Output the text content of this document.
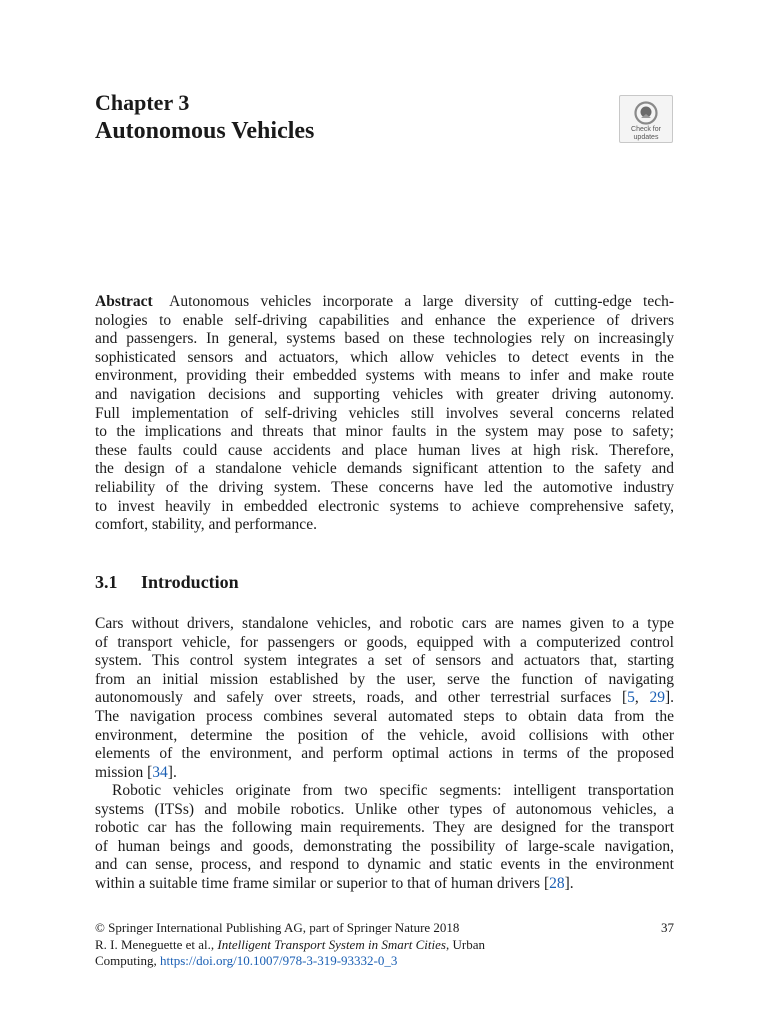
Chapter 3
Autonomous Vehicles	Check for
updates
Abstract Autonomous vehicles incorporate a large diversity of cutting-edge tech-
nologies to enable self-driving capabilities and enhance the experience of drivers
and passengers. In general, systems based on these technologies rely on increasingly
sophisticated sensors and actuators, which allow vehicles to detect events in the
environment, providing their embedded systems with means to infer and make route
and navigation decisions and supporting vehicles with greater driving autonomy.
Full implementation of self-driving vehicles still involves several concerns related
to the implications and threats that minor faults in the system may pose to safety;
these faults could cause accidents and place human lives at high risk. Therefore,
the design of a standalone vehicle demands significant attention to the safety and
reliability of the driving system. These concerns have led the automotive industry
to invest heavily in embedded electronic systems to achieve comprehensive safety,
comfort, stability, and performance.
3.1 Introduction
Cars without drivers, standalone vehicles, and robotic cars are names given to a type
of transport vehicle, for passengers or goods, equipped with a computerized control
system. This control system integrates a set of sensors and actuators that, starting
from an initial mission established by the user, serve the function of navigating
autonomously and safely over streets, roads, and other terrestrial surfaces [5, 29].
The navigation process combines several automated steps to obtain data from the
environment, determine the position of the vehicle, avoid collisions with other
elements of the environment, and perform optimal actions in terms of the proposed
mission [34].
Robotic vehicles originate from two specific segments: intelligent transportation
systems (ITSs) and mobile robotics. Unlike other types of autonomous vehicles, a
robotic car has the following main requirements. They are designed for the transport
of human beings and goods, demonstrating the possibility of large-scale navigation,
and can sense, process, and respond to dynamic and static events in the environment
within a suitable time frame similar or superior to that of human drivers [28].
© Springer International Publishing AG, part of Springer Nature 2018
R. I. Meneguette et al., Intelligent Transport System in Smart Cities, Urban
Computing, https://doi.org/10.1007/978-3-319-93332-0_3
37
